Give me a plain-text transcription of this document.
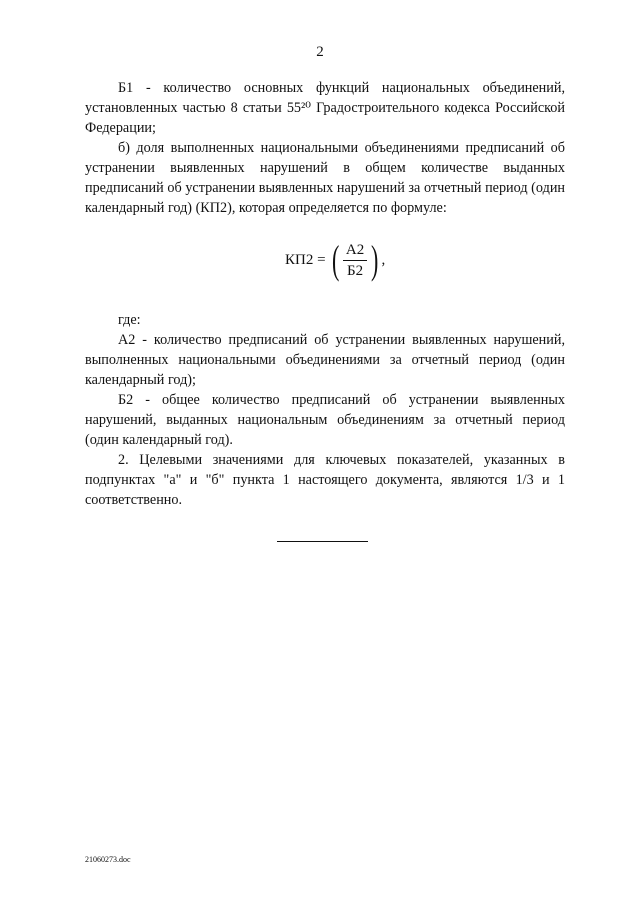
2

Б1 - количество основных функций национальных объединений, установленных частью 8 статьи 55²⁰ Градостроительного кодекса Российской Федерации;

б) доля выполненных национальными объединениями предписаний об устранении выявленных нарушений в общем количестве выданных предписаний об устранении выявленных нарушений за отчетный период (один календарный год) (КП2), которая определяется по формуле:

КП2 = ( $\frac{А2}{Б2}$ ) ,

где:

А2 - количество предписаний об устранении выявленных нарушений, выполненных национальными объединениями за отчетный период (один календарный год);

Б2 - общее количество предписаний об устранении выявленных нарушений, выданных национальным объединениям за отчетный период (один календарный год).

2. Целевыми значениями для ключевых показателей, указанных в подпунктах "а" и "б" пункта 1 настоящего документа, являются 1/3 и 1 соответственно.

21060273.doc
